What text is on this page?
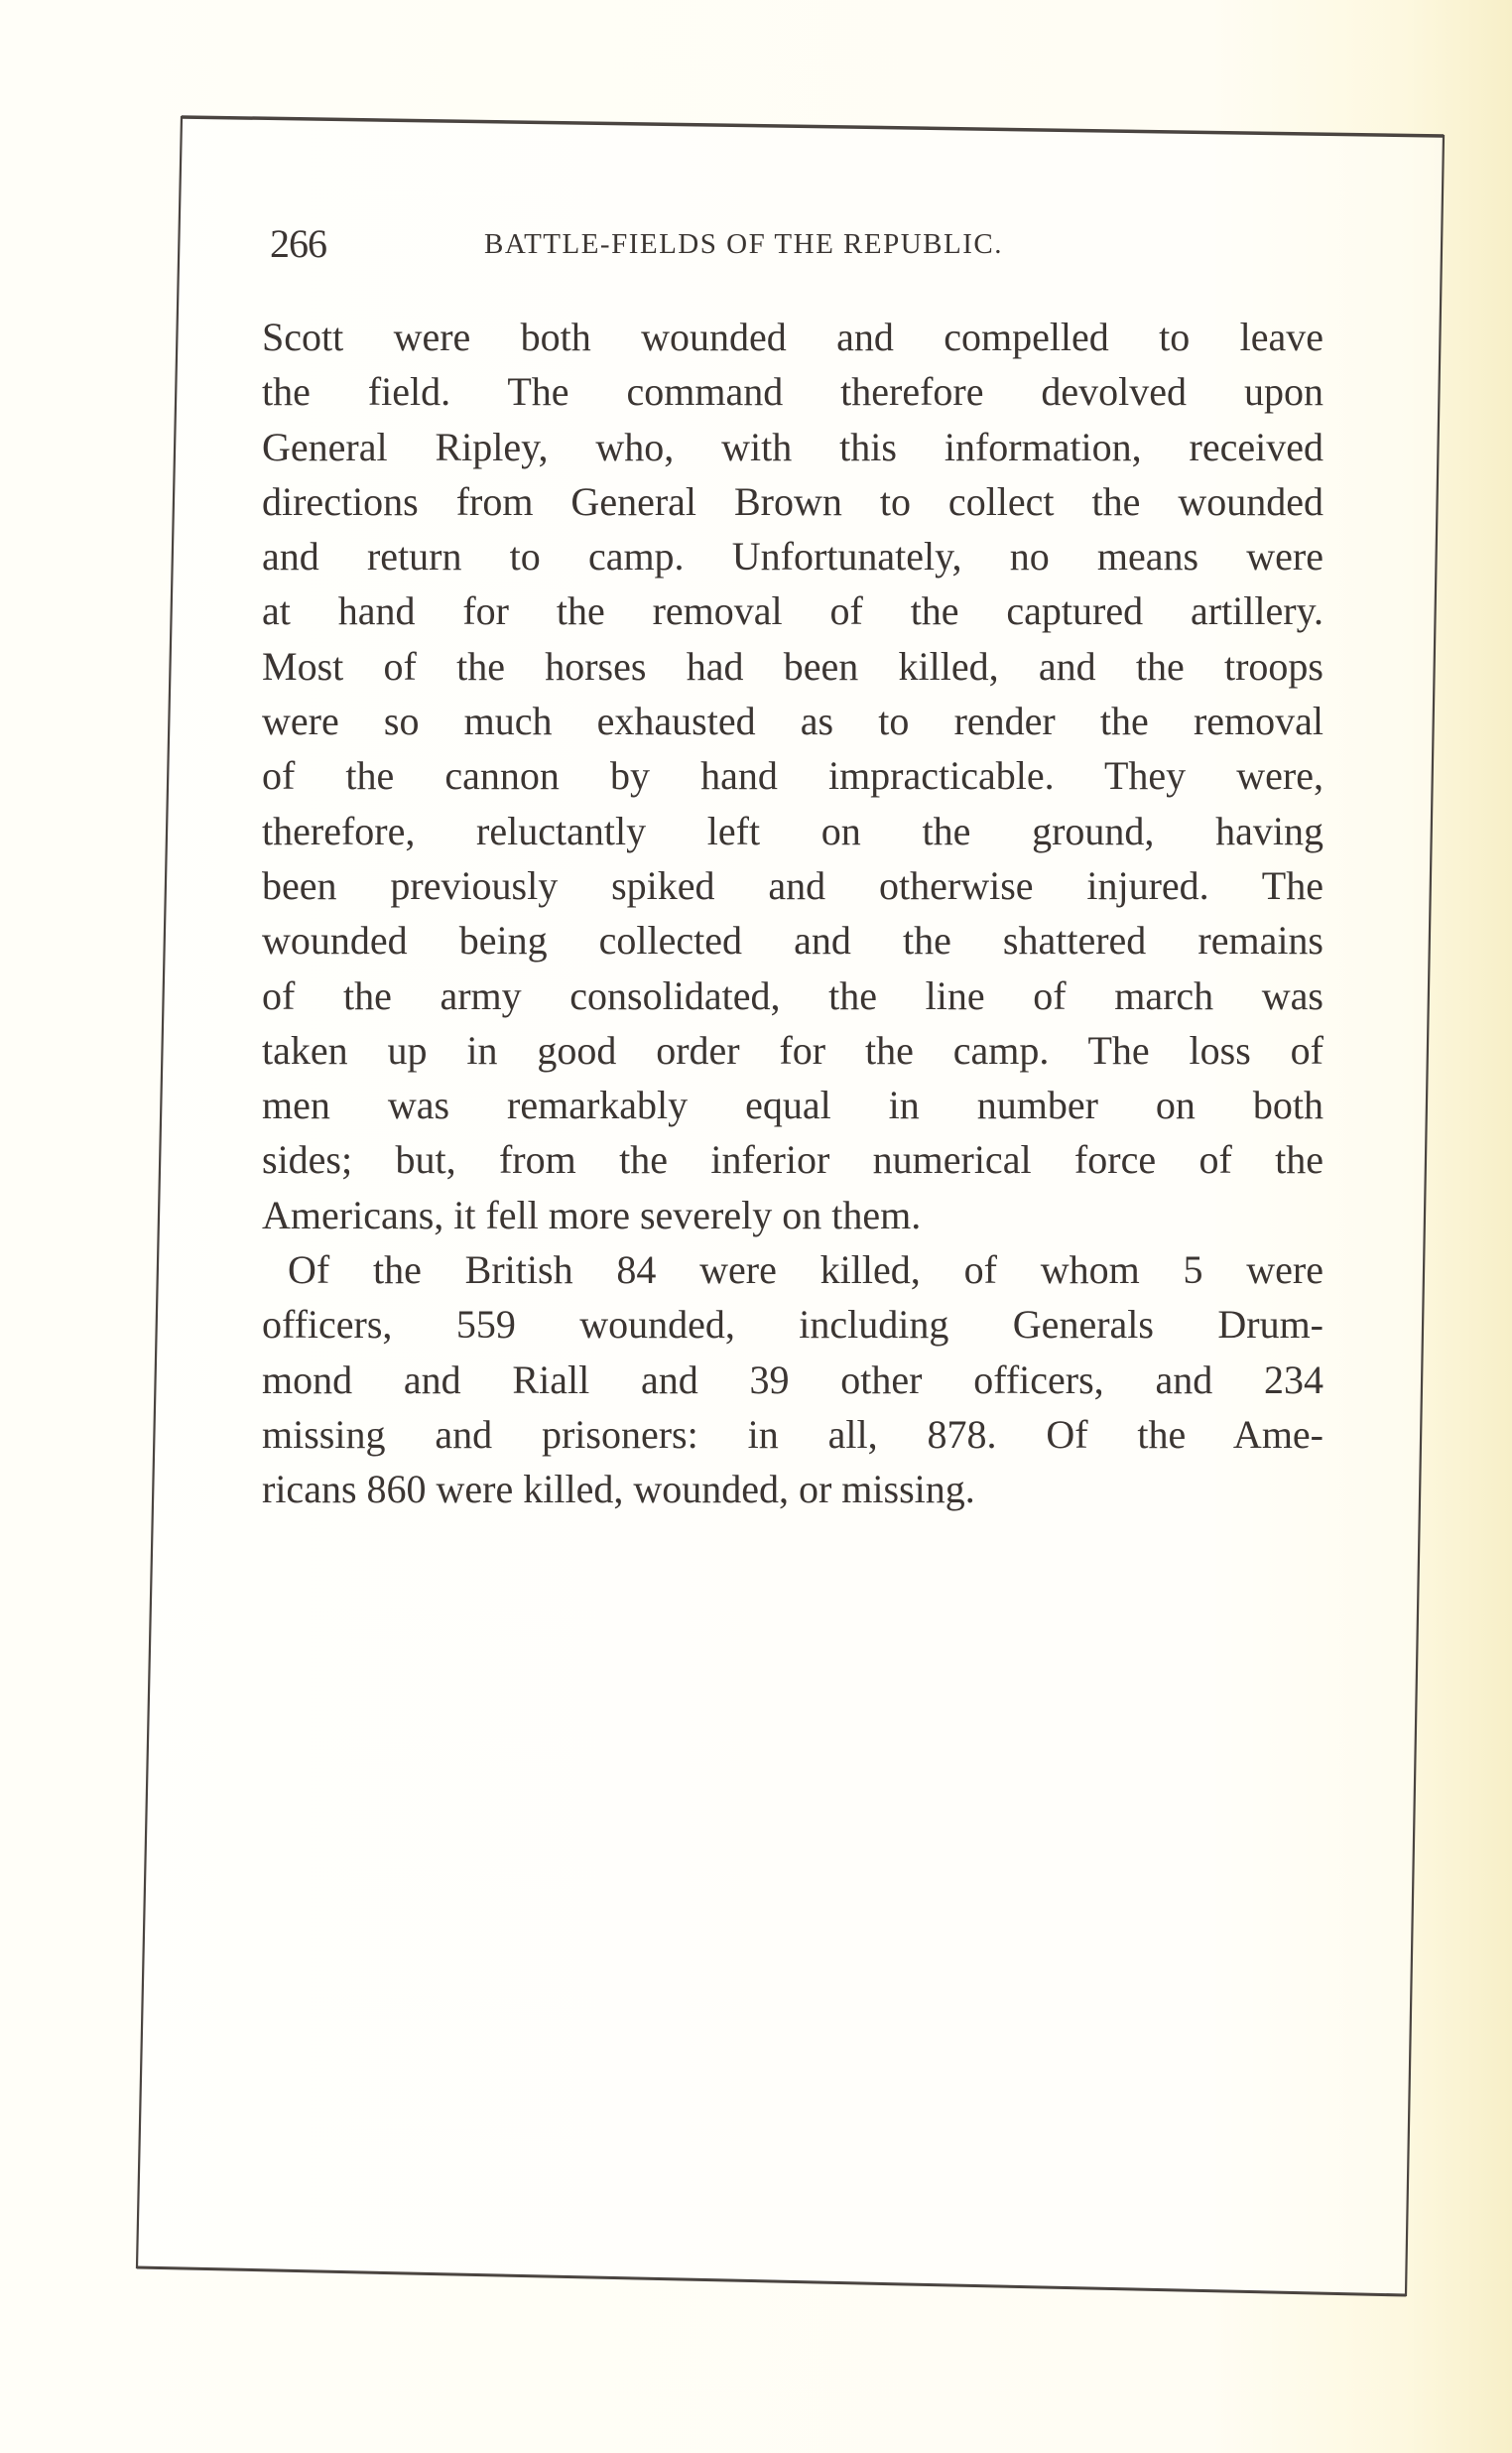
266	BATTLE-FIELDS OF THE REPUBLIC.
Scott were both wounded and compelled to leave
the field. The command therefore devolved upon
General Ripley, who, with this information, received
directions from General Brown to collect the wounded
and return to camp. Unfortunately, no means were
at hand for the removal of the captured artillery.
Most of the horses had been killed, and the troops
were so much exhausted as to render the removal
of the cannon by hand impracticable. They were,
therefore, reluctantly left on the ground, having
been previously spiked and otherwise injured. The
wounded being collected and the shattered remains
of the army consolidated, the line of march was
taken up in good order for the camp. The loss of
men was remarkably equal in number on both
sides; but, from the inferior numerical force of the
Americans, it fell more severely on them.
Of the British 84 were killed, of whom 5 were
officers, 559 wounded, including Generals Drum-
mond and Riall and 39 other officers, and 234
missing and prisoners: in all, 878. Of the Ame-
ricans 860 were killed, wounded, or missing.
